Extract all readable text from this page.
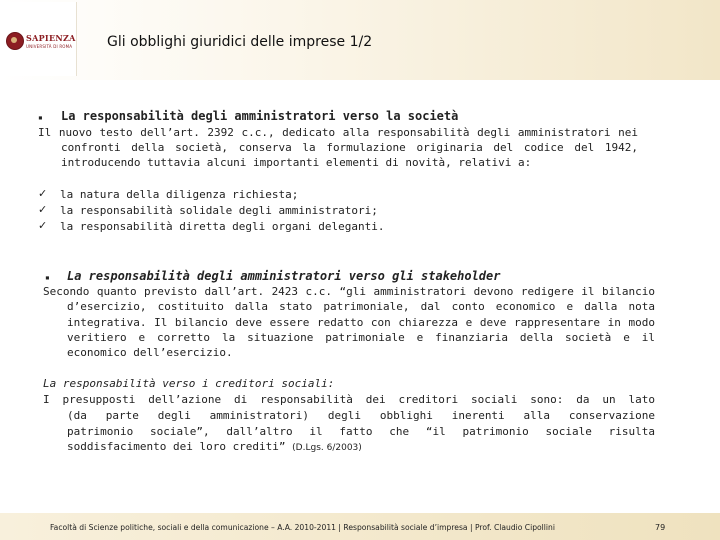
SAPIENZA
UNIVERSITÀ DI ROMA Gli obblighi giuridici delle imprese 1/2
▪ La responsabilità degli amministratori verso la società
Il nuovo testo dell’art. 2392 c.c., dedicato alla responsabilità degli amministratori nei
confronti della società, conserva la formulazione originaria del codice del 1942,
introducendo tuttavia alcuni importanti elementi di novità, relativi a:
✓ la natura della diligenza richiesta;
✓ la responsabilità solidale degli amministratori;
✓ la responsabilità diretta degli organi deleganti.
▪ La responsabilità degli amministratori verso gli stakeholder
Secondo quanto previsto dall’art. 2423 c.c. “gli amministratori devono redigere il bilancio
d’esercizio, costituito dalla stato patrimoniale, dal conto economico e dalla nota
integrativa. Il bilancio deve essere redatto con chiarezza e deve rappresentare in modo
veritiero e corretto la situazione patrimoniale e finanziaria della società e il
economico dell’esercizio.
La responsabilità verso i creditori sociali:
I presupposti dell’azione di responsabilità dei creditori sociali sono: da un lato
(da parte degli amministratori) degli obblighi inerenti alla conservazione
patrimonio sociale”, dall’altro il fatto che “il patrimonio sociale risulta
soddisfacimento dei loro crediti” (D.Lgs. 6/2003)
Facoltà di Scienze politiche, sociali e della comunicazione – A.A. 2010-2011 | Responsabilità sociale d’impresa | Prof. Claudio Cipollini	79
